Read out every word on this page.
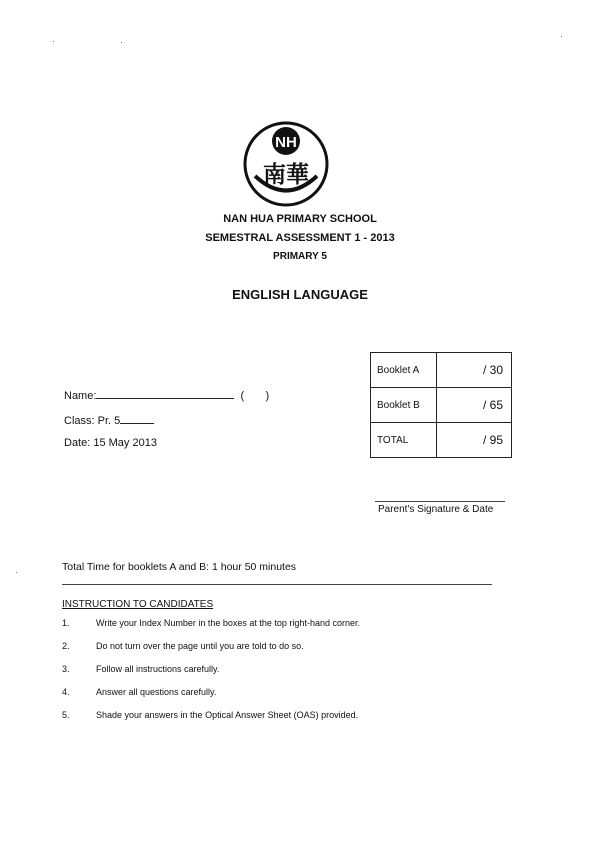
NH
南華
NAN HUA PRIMARY SCHOOL
SEMESTRAL ASSESSMENT 1 - 2013
PRIMARY 5
ENGLISH LANGUAGE
Name:	(       )
Class: Pr. 5
Date: 15 May 2013
Booklet A	/ 30
Booklet B	/ 65
TOTAL	/ 95
Parent's Signature & Date
Total Time for booklets A and B: 1 hour 50 minutes
INSTRUCTION TO CANDIDATES
1.	Write your Index Number in the boxes at the top right-hand corner.
2.	Do not turn over the page until you are told to do so.
3.	Follow all instructions carefully.
4.	Answer all questions carefully.
5.	Shade your answers in the Optical Answer Sheet (OAS) provided.
